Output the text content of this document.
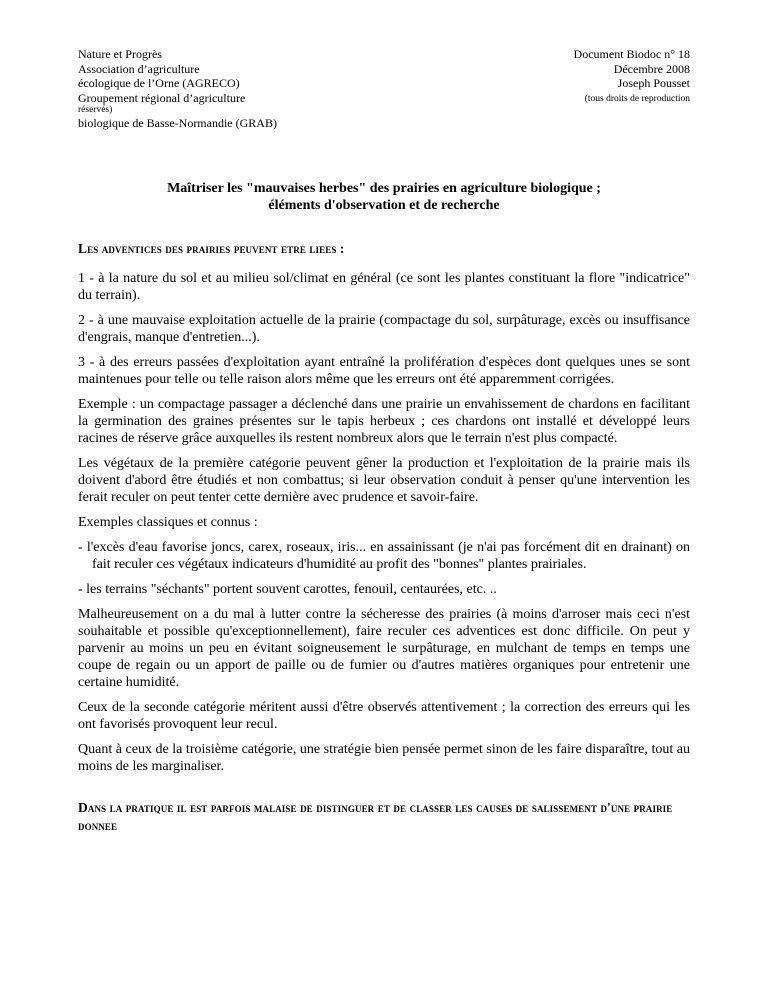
Nature et Progrès
Association d’agriculture
écologique de l’Orne (AGRECO)
Groupement régional d’agriculture
réservés)
biologique de Basse-Normandie (GRAB)
Document Biodoc n° 18
Décembre 2008
Joseph Pousset
(tous droits de reproduction
Maîtriser les "mauvaises herbes" des prairies en agriculture biologique ;
éléments d'observation et de recherche
Les adventices des prairies peuvent etre liees :

1 - à la nature du sol et au milieu sol/climat en général (ce sont les plantes constituant la flore "indicatrice" du terrain).

2 - à une mauvaise exploitation actuelle de la prairie (compactage du sol, surpâturage, excès ou insuffisance d'engrais, manque d'entretien...).

3 - à des erreurs passées d'exploitation ayant entraîné la prolifération d'espèces dont quelques unes se sont maintenues pour telle ou telle raison alors même que les erreurs ont été apparemment corrigées.

Exemple : un compactage passager a déclenché dans une prairie un envahissement de chardons en facilitant la germination des graines présentes sur le tapis herbeux ; ces chardons ont installé et développé leurs racines de réserve grâce auxquelles ils restent nombreux alors que le terrain n'est plus compacté.

Les végétaux de la première catégorie peuvent gêner la production et l'exploitation de la prairie mais ils doivent d'abord être étudiés et non combattus; si leur observation conduit à penser qu'une intervention les ferait reculer on peut tenter cette dernière avec prudence et savoir-faire.

Exemples classiques et connus :

- l'excès d'eau favorise joncs, carex, roseaux, iris... en assainissant (je n'ai pas forcément dit en drainant) on fait reculer ces végétaux indicateurs d'humidité au profit des "bonnes" plantes prairiales.

- les terrains "séchants" portent souvent carottes, fenouil, centaurées, etc. ..

Malheureusement on a du mal à lutter contre la sécheresse des prairies (à moins d'arroser mais ceci n'est souhaitable et possible qu'exceptionnellement), faire reculer ces adventices est donc difficile. On peut y parvenir au moins un peu en évitant soigneusement le surpâturage, en mulchant de temps en temps une coupe de regain ou un apport de paille ou de fumier ou d'autres matières organiques pour entretenir une certaine humidité.

Ceux de la seconde catégorie méritent aussi d'être observés attentivement ; la correction des erreurs qui les ont favorisés provoquent leur recul.

Quant à ceux de la troisième catégorie, une stratégie bien pensée permet sinon de les faire disparaître, tout au moins de les marginaliser.

Dans la pratique il est parfois malaise de distinguer et de classer les causes de salissement d'une prairie donnee
